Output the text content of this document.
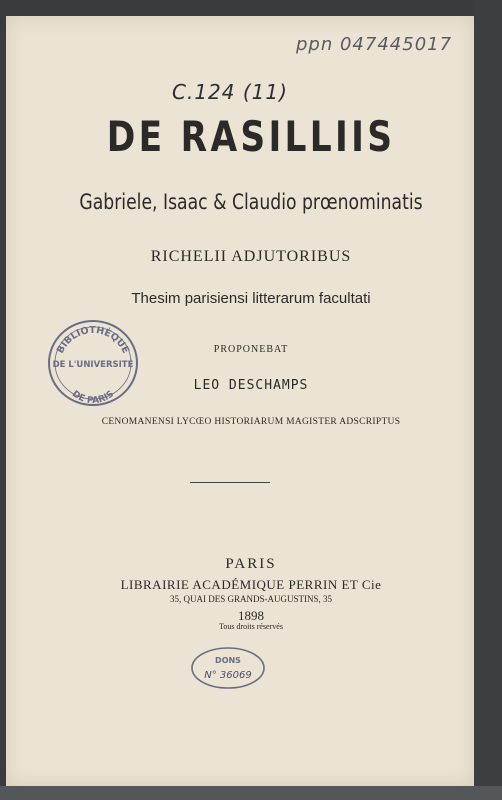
ppn 047445017
C.124 (11)
DE RASILLIIS
Gabriele, Isaac & Claudio prœnominatis
RICHELII ADJUTORIBUS
Thesim parisiensi litterarum facultati
PROPONEBAT
LEO DESCHAMPS
CENOMANENSI LYCŒO HISTORIARUM MAGISTER ADSCRIPTUS
PARIS
LIBRAIRIE ACADÉMIQUE PERRIN ET Cie
35, QUAI DES GRANDS-AUGUSTINS, 35
1898
Tous droits réservés
BIBLIOTHÈQUE
DE L'UNIVERSITÉ
DE PARIS
DONS
N° 36069
